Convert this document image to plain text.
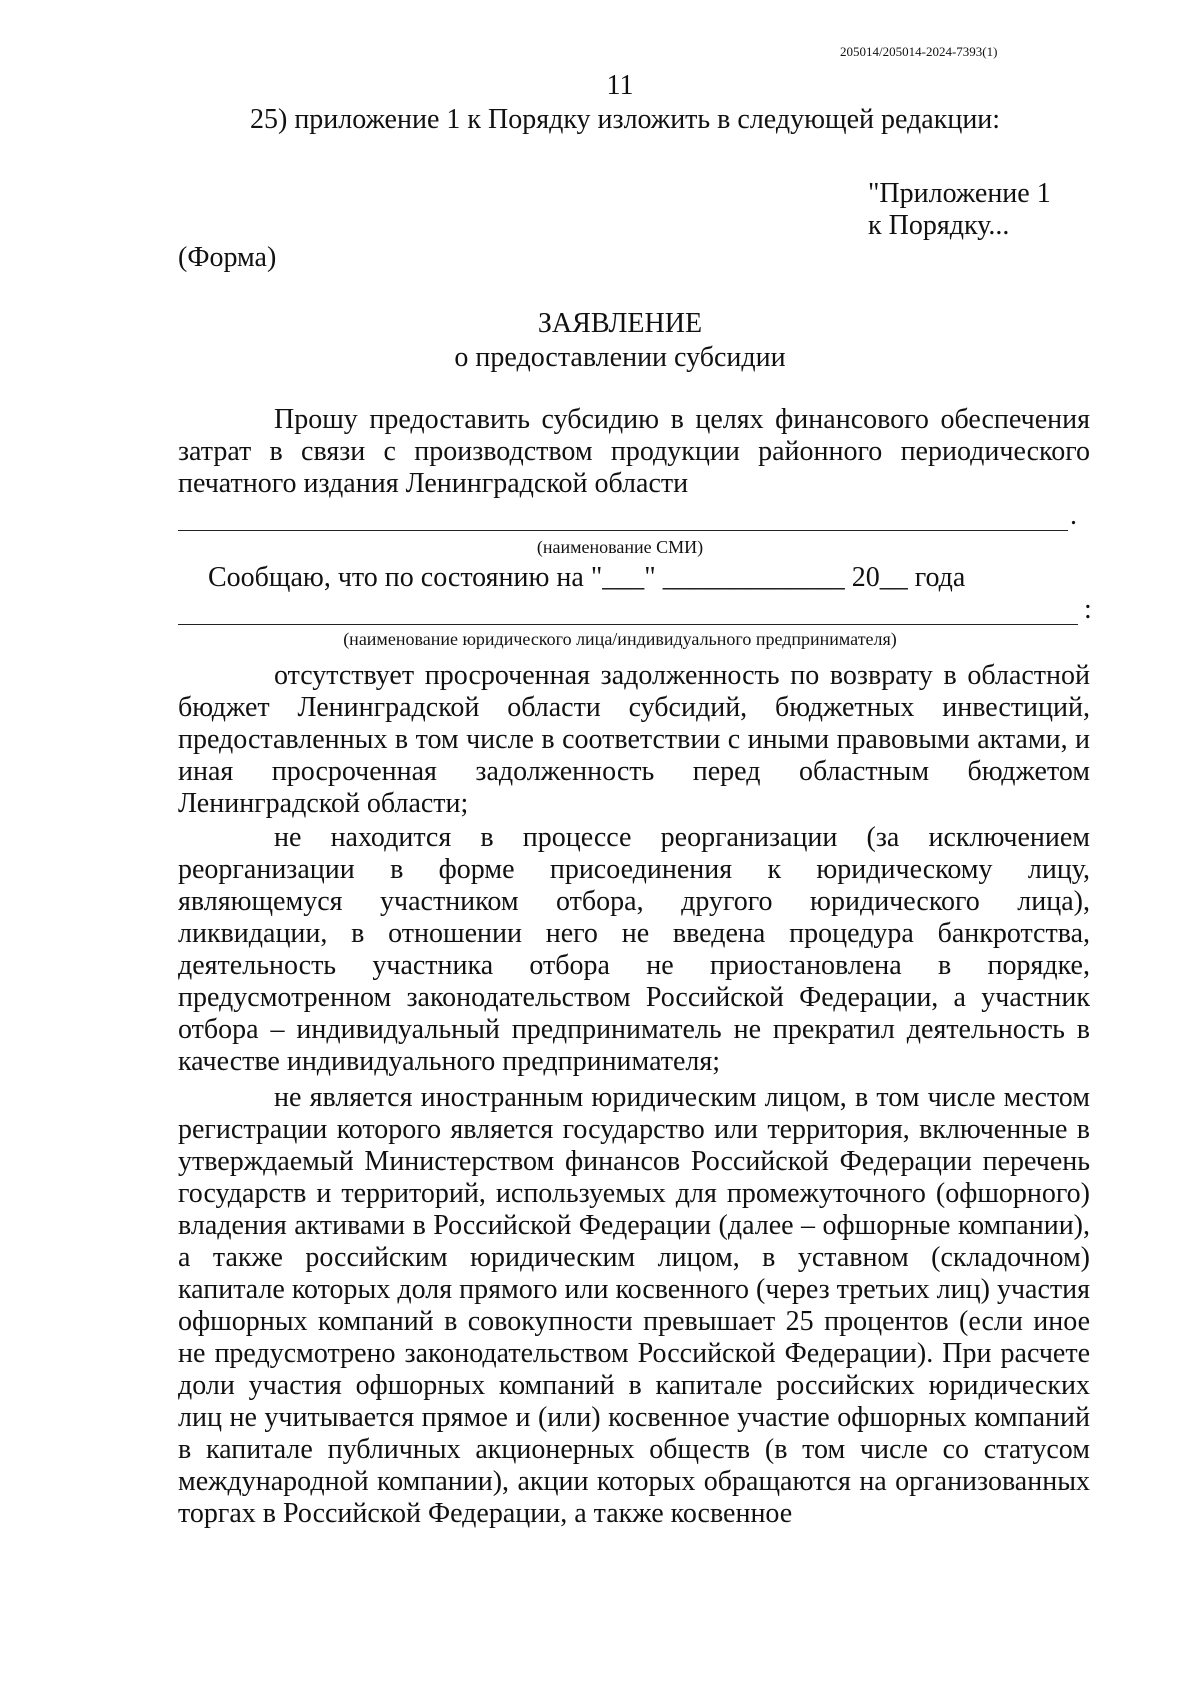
205014/205014-2024-7393(1)
11
25) приложение 1 к Порядку изложить в следующей редакции:
"Приложение 1
к Порядку...
(Форма)
ЗАЯВЛЕНИЕ
о предоставлении субсидии

Прошу предоставить субсидию в целях финансового обеспечения затрат в связи с производством продукции районного периодического печатного издания Ленинградской области

.
(наименование СМИ)
Сообщаю, что по состоянию на "___" _____________ 20__ года
:
(наименование юридического лица/индивидуального предпринимателя)

отсутствует просроченная задолженность по возврату в областной бюджет Ленинградской области субсидий, бюджетных инвестиций, предоставленных в том числе в соответствии с иными правовыми актами, и иная просроченная задолженность перед областным бюджетом Ленинградской области;

не находится в процессе реорганизации (за исключением реорганизации в форме присоединения к юридическому лицу, являющемуся участником отбора, другого юридического лица), ликвидации, в отношении него не введена процедура банкротства, деятельность участника отбора не приостановлена в порядке, предусмотренном законодательством Российской Федерации, а участник отбора – индивидуальный предприниматель не прекратил деятельность в качестве индивидуального предпринимателя;

не является иностранным юридическим лицом, в том числе местом регистрации которого является государство или территория, включенные в утверждаемый Министерством финансов Российской Федерации перечень государств и территорий, используемых для промежуточного (офшорного) владения активами в Российской Федерации (далее – офшорные компании), а также российским юридическим лицом, в уставном (складочном) капитале которых доля прямого или косвенного (через третьих лиц) участия офшорных компаний в совокупности превышает 25 процентов (если иное не предусмотрено законодательством Российской Федерации). При расчете доли участия офшорных компаний в капитале российских юридических лиц не учитывается прямое и (или) косвенное участие офшорных компаний в капитале публичных акционерных обществ (в том числе со статусом международной компании), акции которых обращаются на организованных торгах в Российской Федерации, а также косвенное
